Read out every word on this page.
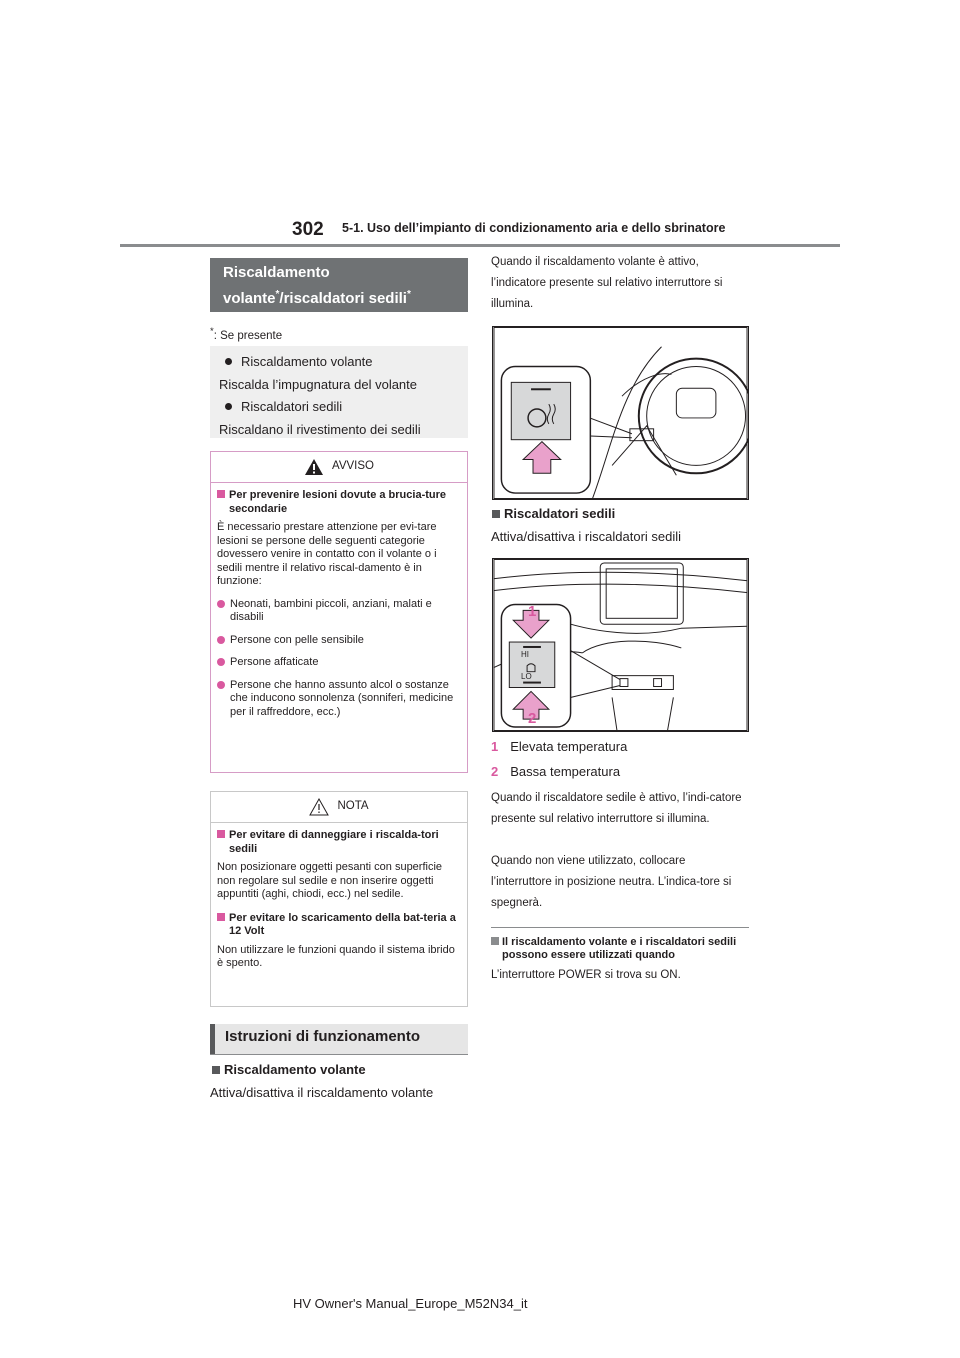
302 5-1. Uso dell’impianto di condizionamento aria e dello sbrinatore
Riscaldamento
volante*/riscaldatori sedili*
*: Se presente
Riscaldamento volante
Riscalda l’impugnatura del volante
Riscaldatori sedili
Riscaldano il rivestimento dei sedili
AVVISO
Per prevenire lesioni dovute a brucia-ture secondarie
È necessario prestare attenzione per evi-tare lesioni se persone delle seguenti categorie dovessero venire in contatto con il volante o i sedili mentre il relativo riscal-damento è in funzione:
Neonati, bambini piccoli, anziani, malati e disabili
Persone con pelle sensibile
Persone affaticate
Persone che hanno assunto alcol o sostanze che inducono sonnolenza (sonniferi, medicine per il raffreddore, ecc.)
NOTA
Per evitare di danneggiare i riscalda-tori sedili
Non posizionare oggetti pesanti con superficie non regolare sul sedile e non inserire oggetti appuntiti (aghi, chiodi, ecc.) nel sedile.
Per evitare lo scaricamento della bat-teria a 12 Volt
Non utilizzare le funzioni quando il sistema ibrido è spento.
Istruzioni di funzionamento
Riscaldamento volante
Attiva/disattiva il riscaldamento volante
Quando il riscaldamento volante è attivo, l’indicatore presente sul relativo interruttore si illumina.
Riscaldatori sedili
Attiva/disattiva i riscaldatori sedili
1
HI
LO
2
1 Elevata temperatura
2 Bassa temperatura
Quando il riscaldatore sedile è attivo, l’indi-catore presente sul relativo interruttore si illumina.
Quando non viene utilizzato, collocare l’interruttore in posizione neutra. L’indica-tore si spegnerà.
Il riscaldamento volante e i riscaldatori sedili possono essere utilizzati quando
L’interruttore POWER si trova su ON.
HV Owner's Manual_Europe_M52N34_it
